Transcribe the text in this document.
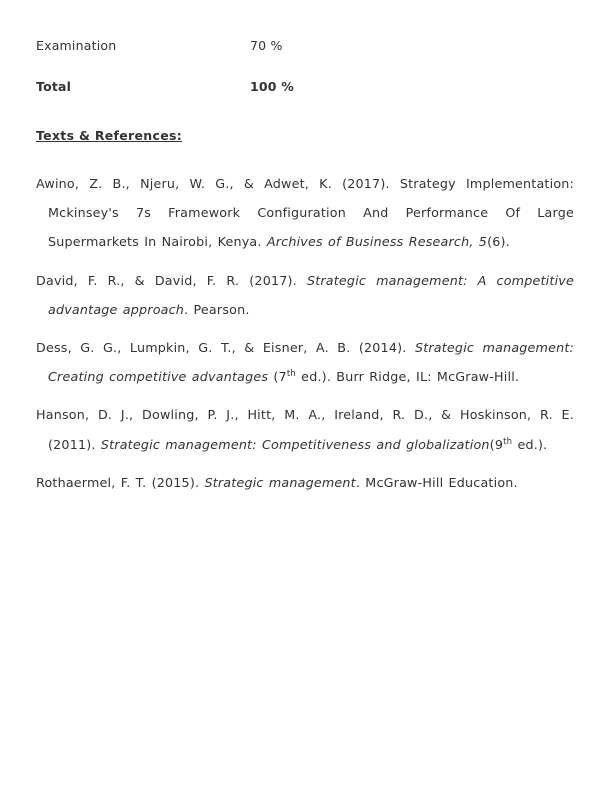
Examination	70 %
Total	100 %
Texts & References:

Awino, Z. B., Njeru, W. G., & Adwet, K. (2017). Strategy Implementation: Mckinsey's 7s Framework Configuration And Performance Of Large Supermarkets In Nairobi, Kenya. Archives of Business Research, 5(6).

David, F. R., & David, F. R. (2017). Strategic management: A competitive advantage approach. Pearson.

Dess, G. G., Lumpkin, G. T., & Eisner, A. B. (2014). Strategic management: Creating competitive advantages (7th ed.). Burr Ridge, IL: McGraw-Hill.

Hanson, D. J., Dowling, P. J., Hitt, M. A., Ireland, R. D., & Hoskinson, R. E. (2011). Strategic management: Competitiveness and globalization(9th ed.).

Rothaermel, F. T. (2015). Strategic management. McGraw-Hill Education.
